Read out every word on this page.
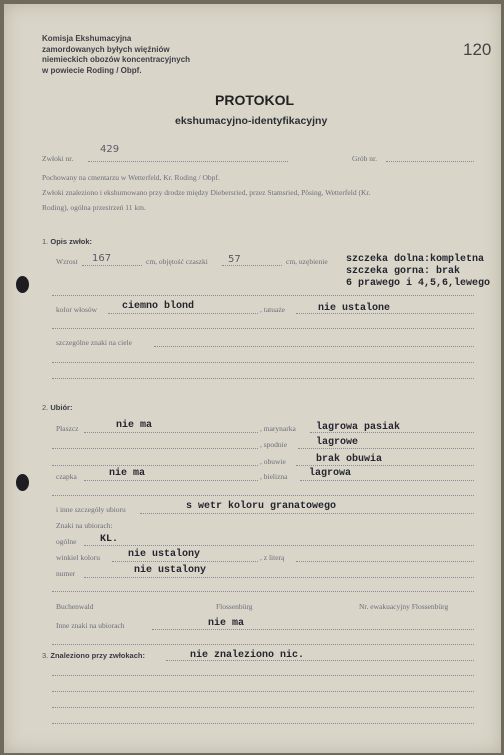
Komisja Ekshumacyjna
zamordowanych byłych więźniów
niemieckich obozów koncentracyjnych
w powiecie Roding / Obpf.
120
PROTOKOL
ekshumacyjno-identyfikacyjny
Zwłoki nr.
429
Grób nr.
Pochowany na cmentarzu w Wetterfeld, Kr. Roding / Obpf.
Zwłoki znaleziono i ekshumowano przy drodze między Diebersried, przez Stamsried, Pösing, Wetterfeld (Kr.
Roding), ogólna przestrzeń 11 km.
1. Opis zwłok:
Wzrost 167	cm, objętość czaszki 57	cm, uzębienie szczeka dolna:kompletna
szczeka gorna: brak
6 prawego i 4,5,6,lewego
kolor włosów ciemno blond	, tatuaże	nie ustalone
szczególne znaki na ciele
2. Ubiór:
Płaszcz	nie ma	, marynarka lagrowa pasiak
, spodnie	lagrowe
, obuwie	brak obuwia
czapka	nie ma	, bielizna lagrowa
i inne szczegóły ubioru	s wetr koloru granatowego
Znaki na ubiorach:
ogólne KL.
winkiel koloru	nie ustalony	, z literą
numer	nie ustalony
Buchenwald	Flossenbürg	Nr. ewakuacyjny Flossenbürg
Inne znaki na ubiorach	nie ma
3. Znaleziono przy zwłokach:	nie znaleziono nic.
